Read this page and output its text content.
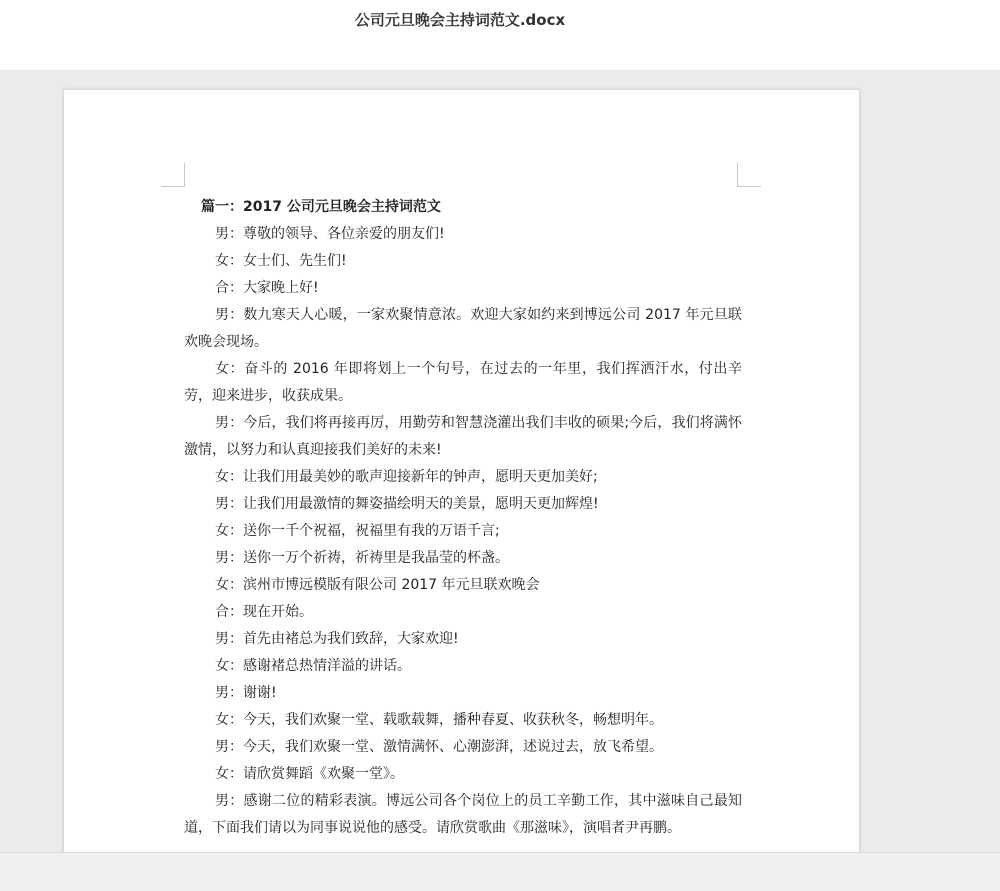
公司元旦晚会主持词范文.docx
篇一：2017 公司元旦晚会主持词范文

男：尊敬的领导、各位亲爱的朋友们!

女：女士们、先生们!

合：大家晚上好!

男：数九寒天人心暖，一家欢聚情意浓。欢迎大家如约来到博远公司 2017 年元旦联欢晚会现场。

女：奋斗的 2016 年即将划上一个句号，在过去的一年里，我们挥洒汗水，付出辛劳，迎来进步，收获成果。

男：今后，我们将再接再厉，用勤劳和智慧浇灌出我们丰收的硕果;今后，我们将满怀激情，以努力和认真迎接我们美好的未来!

女：让我们用最美妙的歌声迎接新年的钟声，愿明天更加美好;

男：让我们用最激情的舞姿描绘明天的美景，愿明天更加辉煌!

女：送你一千个祝福，祝福里有我的万语千言;

男：送你一万个祈祷，祈祷里是我晶莹的杯盏。

女：滨州市博远模版有限公司 2017 年元旦联欢晚会

合：现在开始。

男：首先由褚总为我们致辞，大家欢迎!

女：感谢褚总热情洋溢的讲话。

男：谢谢!

女：今天，我们欢聚一堂、载歌载舞，播种春夏、收获秋冬，畅想明年。

男：今天，我们欢聚一堂、激情满怀、心潮澎湃，述说过去，放飞希望。

女：请欣赏舞蹈《欢聚一堂》。

男：感谢二位的精彩表演。博远公司各个岗位上的员工辛勤工作，其中滋味自己最知道，下面我们请以为同事说说他的感受。请欣赏歌曲《那滋味》，演唱者尹再鹏。
